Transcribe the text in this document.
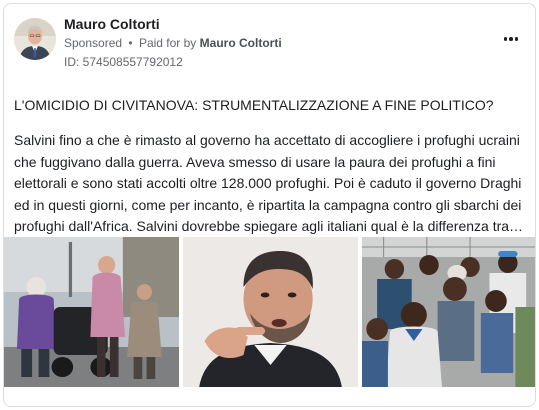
Mauro Coltorti
Sponsored • Paid for by Mauro Coltorti
ID: 574508557792012
L'OMICIDIO DI CIVITANOVA: STRUMENTALIZZAZIONE A FINE POLITICO?

Salvini fino a che è rimasto al governo ha accettato di accogliere i profughi ucraini

che fuggivano dalla guerra. Aveva smesso di usare la paura dei profughi a fini

elettorali e sono stati accolti oltre 128.000 profughi. Poi è caduto il governo Draghi

ed in questi giorni, come per incanto, è ripartita la campagna contro gli sbarchi dei

profughi dall'Africa. Salvini dovrebbe spiegare agli italiani qual è la differenza tra…
